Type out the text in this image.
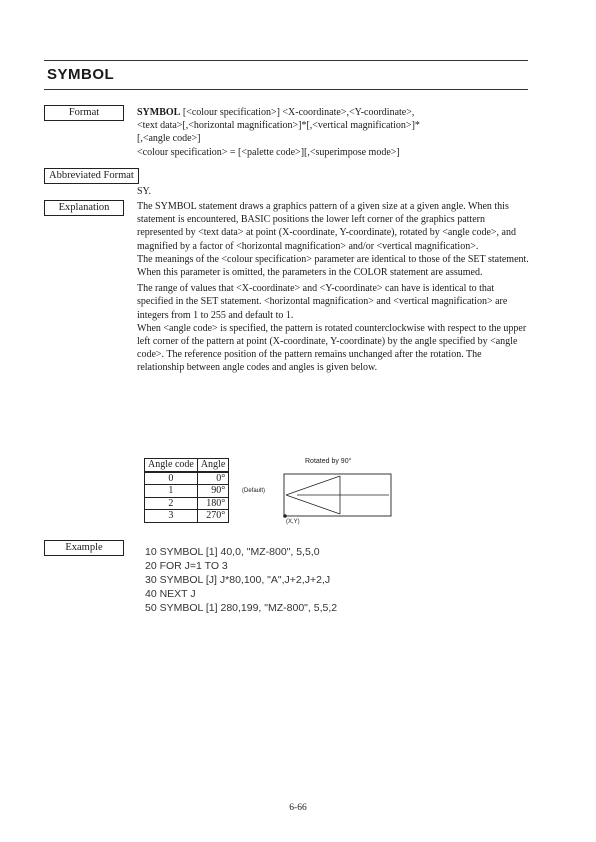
SYMBOL
Format	SYMBOL [<colour specification>] <X-coordinate>,<Y-coordinate>,

<text data>[,<horizontal magnification>]*[,<vertical magnification>]*

[,<angle code>]

<colour specification> = [<palette code>][,<superimpose mode>]

Abbreviated Format
SY.
Explanation	The SYMBOL statement draws a graphics pattern of a given size at a given angle. When this statement is encountered, BASIC positions the lower left corner of the graphics pattern represented by <text data> at point (X-coordinate, Y-coordinate), rotated by <angle code>, and magnified by a factor of <horizontal magnification> and/or <vertical magnification>.

The meanings of the <colour specification> parameter are identical to those of the SET statement. When this parameter is omitted, the parameters in the COLOR statement are assumed.

The range of values that <X-coordinate> and <Y-coordinate> can have is identical to that specified in the SET statement. <horizontal magnification> and <vertical magnification> are integers from 1 to 255 and default to 1.

When <angle code> is specified, the pattern is rotated counterclockwise with respect to the upper left corner of the pattern at point (X-coordinate, Y-coordinate) by the angle specified by <angle code>. The reference position of the pattern remains unchanged after the rotation. The relationship between angle codes and angles is given below.

Angle code	Angle
0	0°
1	90°
2	180°
3	270°
(Default)
Rotated by 90°
(X,Y)
Example	10 SYMBOL [1] 40,0, "MZ-800", 5,5,0
20 FOR J=1 TO 3
30 SYMBOL [J] J*80,100, "A",J+2,J+2,J
40 NEXT J
50 SYMBOL [1] 280,199, "MZ-800", 5,5,2
6-66
